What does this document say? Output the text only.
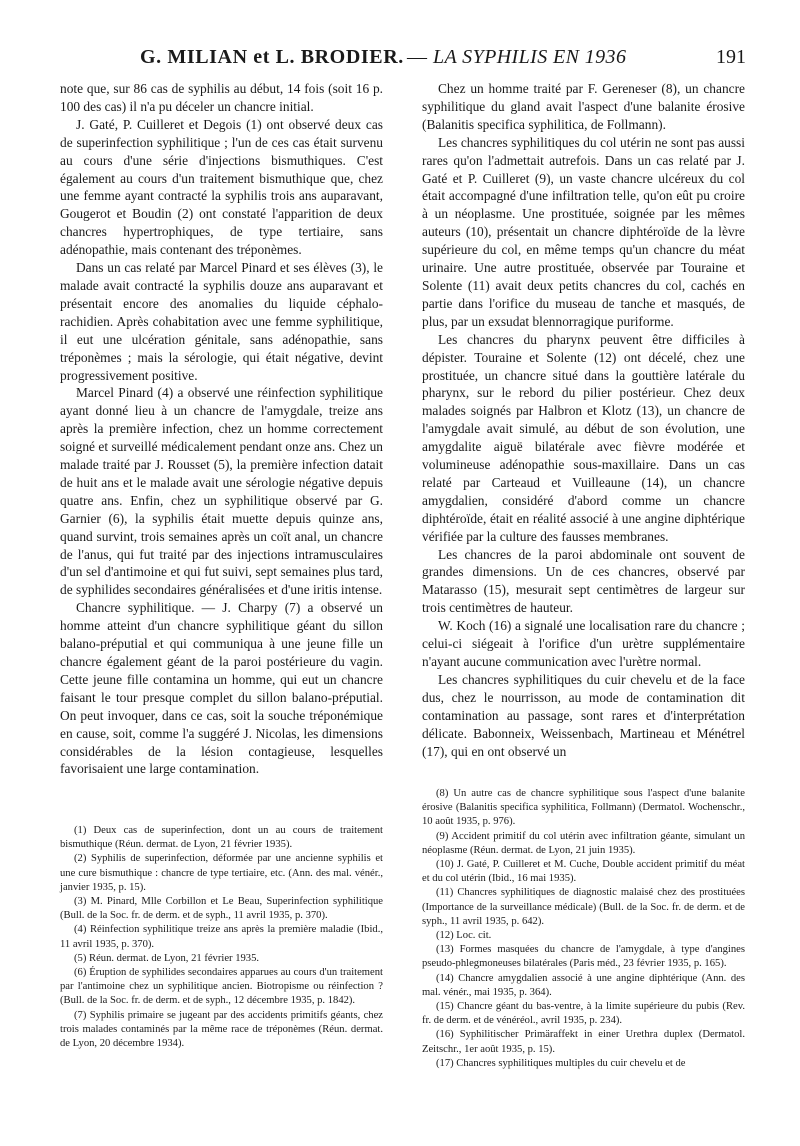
G. MILIAN et L. BRODIER. — LA SYPHILIS EN 1936	191

note que, sur 86 cas de syphilis au début, 14 fois (soit 16 p. 100 des cas) il n'a pu déceler un chancre initial.

J. Gaté, P. Cuilleret et Degois (1) ont observé deux cas de superinfection syphilitique ; l'un de ces cas était survenu au cours d'une série d'injections bismuthiques. C'est également au cours d'un traitement bismuthique que, chez une femme ayant contracté la syphilis trois ans auparavant, Gougerot et Boudin (2) ont constaté l'apparition de deux chancres hypertrophiques, de type tertiaire, sans adénopathie, mais contenant des tréponèmes.

Dans un cas relaté par Marcel Pinard et ses élèves (3), le malade avait contracté la syphilis douze ans auparavant et présentait encore des anomalies du liquide céphalo-rachidien. Après cohabitation avec une femme syphilitique, il eut une ulcération génitale, sans adénopathie, sans tréponèmes ; mais la sérologie, qui était négative, devint progressivement positive.

Marcel Pinard (4) a observé une réinfection syphilitique ayant donné lieu à un chancre de l'amygdale, treize ans après la première infection, chez un homme correctement soigné et surveillé médicalement pendant onze ans. Chez un malade traité par J. Rousset (5), la première infection datait de huit ans et le malade avait une sérologie négative depuis quatre ans. Enfin, chez un syphilitique observé par G. Garnier (6), la syphilis était muette depuis quinze ans, quand survint, trois semaines après un coït anal, un chancre de l'anus, qui fut traité par des injections intramusculaires d'un sel d'antimoine et qui fut suivi, sept semaines plus tard, de syphilides secondaires généralisées et d'une iritis intense.

Chancre syphilitique. — J. Charpy (7) a observé un homme atteint d'un chancre syphilitique géant du sillon balano-préputial et qui communiqua à une jeune fille un chancre également géant de la paroi postérieure du vagin. Cette jeune fille contamina un homme, qui eut un chancre faisant le tour presque complet du sillon balano-préputial. On peut invoquer, dans ce cas, soit la souche tréponémique en cause, soit, comme l'a suggéré J. Nicolas, les dimensions considérables de la lésion contagieuse, lesquelles favorisaient une large contamination.

Chez un homme traité par F. Gereneser (8), un chancre syphilitique du gland avait l'aspect d'une balanite érosive (Balanitis specifica syphilitica, de Follmann).

Les chancres syphilitiques du col utérin ne sont pas aussi rares qu'on l'admettait autrefois. Dans un cas relaté par J. Gaté et P. Cuilleret (9), un vaste chancre ulcéreux du col était accompagné d'une infiltration telle, qu'on eût pu croire à un néoplasme. Une prostituée, soignée par les mêmes auteurs (10), présentait un chancre diphtéroïde de la lèvre supérieure du col, en même temps qu'un chancre du méat urinaire. Une autre prostituée, observée par Touraine et Solente (11) avait deux petits chancres du col, cachés en partie dans l'orifice du museau de tanche et masqués, de plus, par un exsudat blennorragique puriforme.

Les chancres du pharynx peuvent être difficiles à dépister. Touraine et Solente (12) ont décelé, chez une prostituée, un chancre situé dans la gouttière latérale du pharynx, sur le rebord du pilier postérieur. Chez deux malades soignés par Halbron et Klotz (13), un chancre de l'amygdale avait simulé, au début de son évolution, une amygdalite aiguë bilatérale avec fièvre modérée et volumineuse adénopathie sous-maxillaire. Dans un cas relaté par Carteaud et Vuilleaune (14), un chancre amygdalien, considéré d'abord comme un chancre diphtéroïde, était en réalité associé à une angine diphtérique vérifiée par la culture des fausses membranes.

Les chancres de la paroi abdominale ont souvent de grandes dimensions. Un de ces chancres, observé par Matarasso (15), mesurait sept centimètres de largeur sur trois centimètres de hauteur.

W. Koch (16) a signalé une localisation rare du chancre ; celui-ci siégeait à l'orifice d'un urètre supplémentaire n'ayant aucune communication avec l'urètre normal.

Les chancres syphilitiques du cuir chevelu et de la face dus, chez le nourrisson, au mode de contamination dit contamination au passage, sont rares et d'interprétation délicate. Babonneix, Weissenbach, Martineau et Ménétrel (17), qui en ont observé un

(1) Deux cas de superinfection, dont un au cours de traitement bismuthique (Réun. dermat. de Lyon, 21 février 1935).

(2) Syphilis de superinfection, déformée par une ancienne syphilis et une cure bismuthique : chancre de type tertiaire, etc. (Ann. des mal. vénér., janvier 1935, p. 15).

(3) M. Pinard, Mlle Corbillon et Le Beau, Superinfection syphilitique (Bull. de la Soc. fr. de derm. et de syph., 11 avril 1935, p. 370).

(4) Réinfection syphilitique treize ans après la première maladie (Ibid., 11 avril 1935, p. 370).

(5) Réun. dermat. de Lyon, 21 février 1935.

(6) Éruption de syphilides secondaires apparues au cours d'un traitement par l'antimoine chez un syphilitique ancien. Biotropisme ou réinfection ? (Bull. de la Soc. fr. de derm. et de syph., 12 décembre 1935, p. 1842).

(7) Syphilis primaire se jugeant par des accidents primitifs géants, chez trois malades contaminés par la même race de tréponèmes (Réun. dermat. de Lyon, 20 décembre 1934).

(8) Un autre cas de chancre syphilitique sous l'aspect d'une balanite érosive (Balanitis specifica syphilitica, Follmann) (Dermatol. Wochenschr., 10 août 1935, p. 976).

(9) Accident primitif du col utérin avec infiltration géante, simulant un néoplasme (Réun. dermat. de Lyon, 21 juin 1935).

(10) J. Gaté, P. Cuilleret et M. Cuche, Double accident primitif du méat et du col utérin (Ibid., 16 mai 1935).

(11) Chancres syphilitiques de diagnostic malaisé chez des prostituées (Importance de la surveillance médicale) (Bull. de la Soc. fr. de derm. et de syph., 11 avril 1935, p. 642).

(12) Loc. cit.

(13) Formes masquées du chancre de l'amygdale, à type d'angines pseudo-phlegmoneuses bilatérales (Paris méd., 23 février 1935, p. 165).

(14) Chancre amygdalien associé à une angine diphtérique (Ann. des mal. vénér., mai 1935, p. 364).

(15) Chancre géant du bas-ventre, à la limite supérieure du pubis (Rev. fr. de derm. et de vénéréol., avril 1935, p. 234).

(16) Syphilitischer Primäraffekt in einer Urethra duplex (Dermatol. Zeitschr., 1er août 1935, p. 15).

(17) Chancres syphilitiques multiples du cuir chevelu et de
